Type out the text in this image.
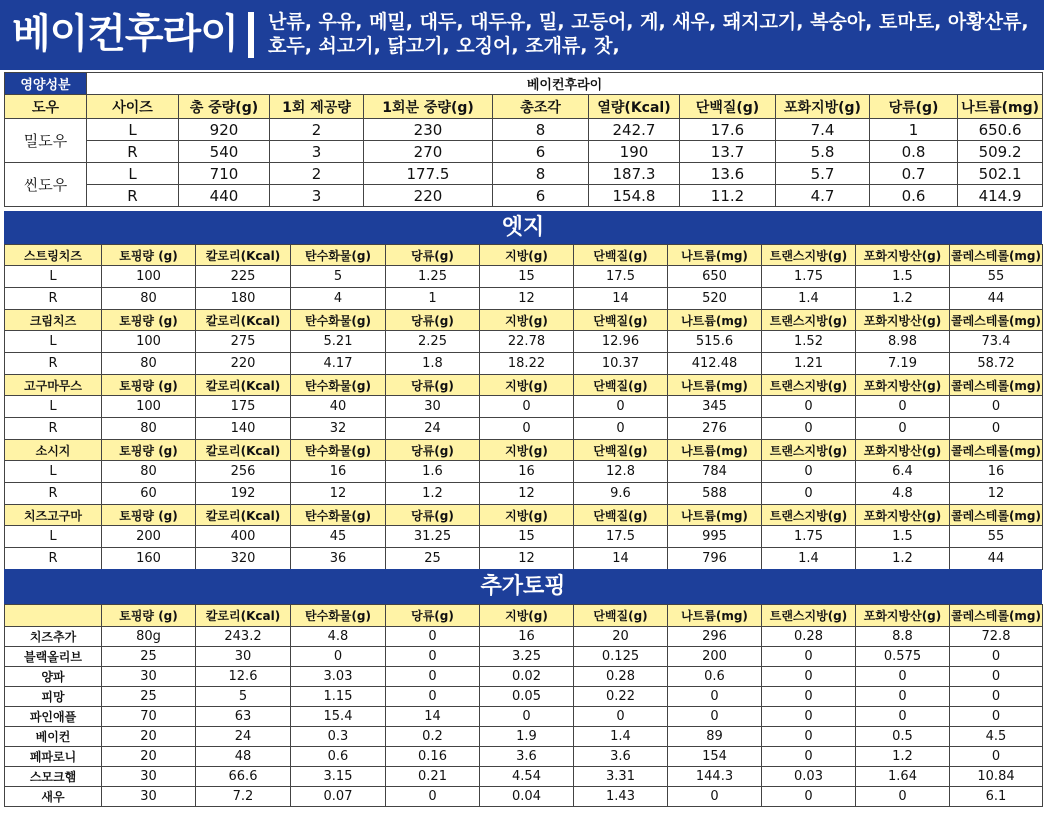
베이컨후라이 난류, 우유, 메밀, 대두, 대두유, 밀, 고등어, 게, 새우, 돼지고기, 복숭아, 토마토, 아황산류, 호두, 쇠고기, 닭고기, 오징어, 조개류, 잣,
영양성분	베이컨후라이									
도우	사이즈	총 중량(g)	1회 제공량	1회분 중량(g)	총조각	열량(Kcal)	단백질(g)	포화지방(g)	당류(g)	나트륨(mg)
밀도우	L	920	2	230	8	242.7	17.6	7.4	1	650.6
	R	540	3	270	6	190	13.7	5.8	0.8	509.2
씬도우	L	710	2	177.5	8	187.3	13.6	5.7	0.7	502.1
	R	440	3	220	6	154.8	11.2	4.7	0.6	414.9
엣지
스트링치즈	토핑량 (g)	칼로리(Kcal)	탄수화물(g)	당류(g)	지방(g)	단백질(g)	나트륨(mg)	트랜스지방(g)	포화지방산(g)	콜레스테롤(mg)
L	100	225	5	1.25	15	17.5	650	1.75	1.5	55
R	80	180	4	1	12	14	520	1.4	1.2	44
크림치즈	토핑량 (g)	칼로리(Kcal)	탄수화물(g)	당류(g)	지방(g)	단백질(g)	나트륨(mg)	트랜스지방(g)	포화지방산(g)	콜레스테롤(mg)
L	100	275	5.21	2.25	22.78	12.96	515.6	1.52	8.98	73.4
R	80	220	4.17	1.8	18.22	10.37	412.48	1.21	7.19	58.72
고구마무스	토핑량 (g)	칼로리(Kcal)	탄수화물(g)	당류(g)	지방(g)	단백질(g)	나트륨(mg)	트랜스지방(g)	포화지방산(g)	콜레스테롤(mg)
L	100	175	40	30	0	0	345	0	0	0
R	80	140	32	24	0	0	276	0	0	0
소시지	토핑량 (g)	칼로리(Kcal)	탄수화물(g)	당류(g)	지방(g)	단백질(g)	나트륨(mg)	트랜스지방(g)	포화지방산(g)	콜레스테롤(mg)
L	80	256	16	1.6	16	12.8	784	0	6.4	16
R	60	192	12	1.2	12	9.6	588	0	4.8	12
치즈고구마	토핑량 (g)	칼로리(Kcal)	탄수화물(g)	당류(g)	지방(g)	단백질(g)	나트륨(mg)	트랜스지방(g)	포화지방산(g)	콜레스테롤(mg)
L	200	400	45	31.25	15	17.5	995	1.75	1.5	55
R	160	320	36	25	12	14	796	1.4	1.2	44
추가토핑
	토핑량 (g)	칼로리(Kcal)	탄수화물(g)	당류(g)	지방(g)	단백질(g)	나트륨(mg)	트랜스지방(g)	포화지방산(g)	콜레스테롤(mg)
치즈추가	80g	243.2	4.8	0	16	20	296	0.28	8.8	72.8
블랙올리브	25	30	0	0	3.25	0.125	200	0	0.575	0
양파	30	12.6	3.03	0	0.02	0.28	0.6	0	0	0
피망	25	5	1.15	0	0.05	0.22	0	0	0	0
파인애플	70	63	15.4	14	0	0	0	0	0	0
베이컨	20	24	0.3	0.2	1.9	1.4	89	0	0.5	4.5
페파로니	20	48	0.6	0.16	3.6	3.6	154	0	1.2	0
스모크햄	30	66.6	3.15	0.21	4.54	3.31	144.3	0.03	1.64	10.84
새우	30	7.2	0.07	0	0.04	1.43	0	0	0	6.1
